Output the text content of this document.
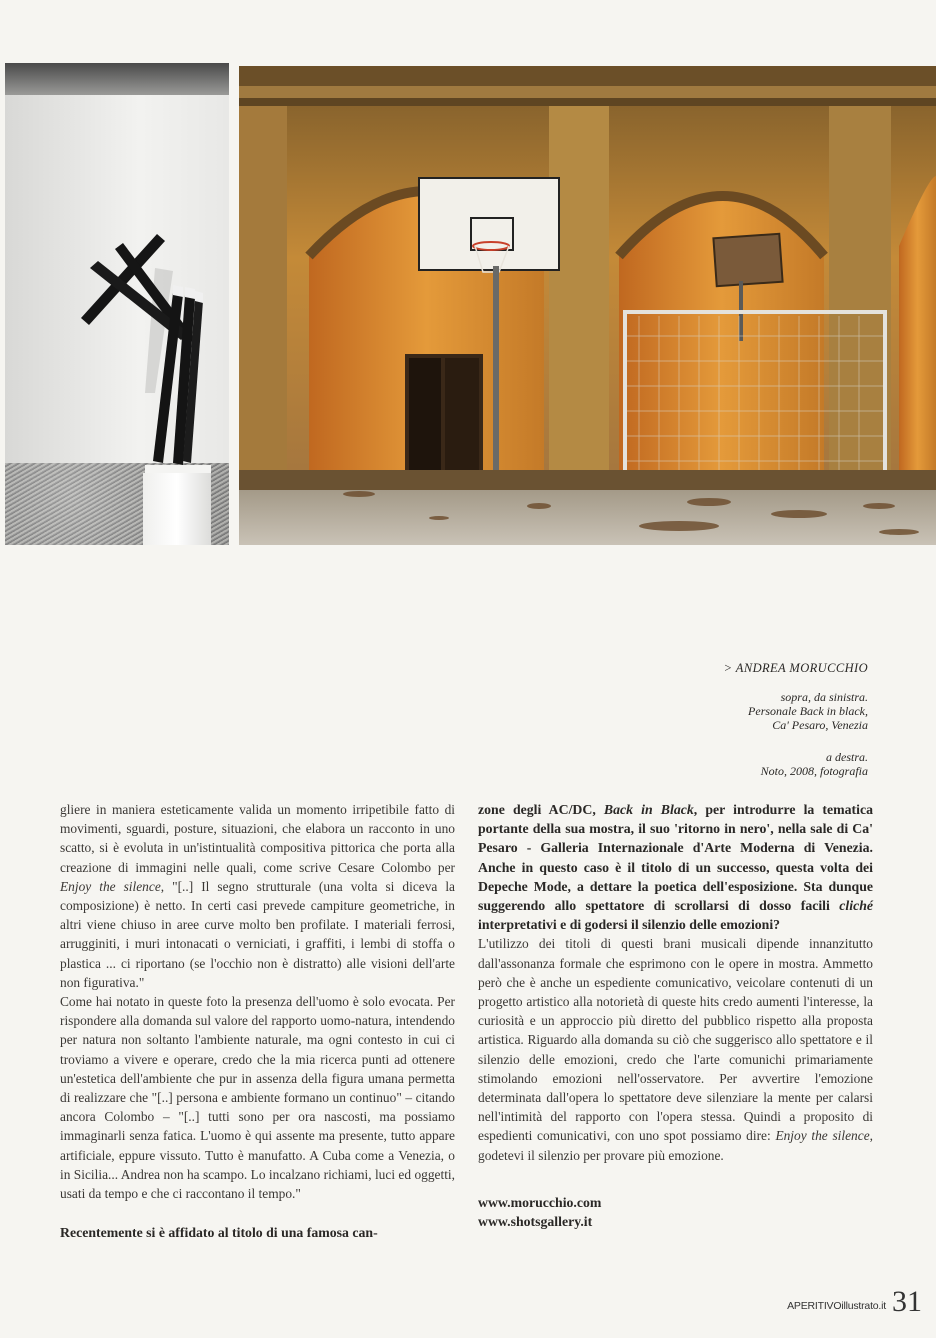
> ANDREA MORUCCHIO
sopra, da sinistra.
Personale Back in black,
Ca' Pesaro, Venezia
a destra.
Noto, 2008, fotografia

gliere in maniera esteticamente valida un momento irripetibile fatto di movimenti, sguardi, posture, situazioni, che elabora un racconto in uno scatto, si è evoluta in un'istintualità compositiva pittorica che porta alla creazione di immagini nelle quali, come scrive Cesare Colombo per Enjoy the silence, "[..] Il segno strutturale (una volta si diceva la composizione) è netto. In certi casi prevede campiture geometriche, in altri viene chiuso in aree curve molto ben profilate. I materiali ferrosi, arrugginiti, i muri intonacati o verniciati, i graffiti, i lembi di stoffa o plastica ... ci riportano (se l'occhio non è distratto) alle visioni dell'arte non figurativa."

Come hai notato in queste foto la presenza dell'uomo è solo evocata. Per rispondere alla domanda sul valore del rapporto uomo-natura, intendendo per natura non soltanto l'ambiente naturale, ma ogni contesto in cui ci troviamo a vivere e operare, credo che la mia ricerca punti ad ottenere un'estetica dell'ambiente che pur in assenza della figura umana permetta di realizzare che "[..] persona e ambiente formano un continuo" – citando ancora Colombo – "[..] tutti sono per ora nascosti, ma possiamo immaginarli senza fatica. L'uomo è qui assente ma presente, tutto appare artificiale, eppure vissuto. Tutto è manufatto. A Cuba come a Venezia, o in Sicilia... Andrea non ha scampo. Lo incalzano richiami, luci ed oggetti, usati da tempo e che ci raccontano il tempo."

Recentemente si è affidato al titolo di una famosa can-

zone degli AC/DC, Back in Black, per introdurre la tematica portante della sua mostra, il suo 'ritorno in nero', nella sale di Ca' Pesaro - Galleria Internazionale d'Arte Moderna di Venezia. Anche in questo caso è il titolo di un successo, questa volta dei Depeche Mode, a dettare la poetica dell'esposizione. Sta dunque suggerendo allo spettatore di scrollarsi di dosso facili cliché interpretativi e di godersi il silenzio delle emozioni?

L'utilizzo dei titoli di questi brani musicali dipende innanzitutto dall'assonanza formale che esprimono con le opere in mostra. Ammetto però che è anche un espediente comunicativo, veicolare contenuti di un progetto artistico alla notorietà di queste hits credo aumenti l'interesse, la curiosità e un approccio più diretto del pubblico rispetto alla proposta artistica. Riguardo alla domanda su ciò che suggerisco allo spettatore e il silenzio delle emozioni, credo che l'arte comunichi primariamente stimolando emozioni nell'osservatore. Per avvertire l'emozione determinata dall'opera lo spettatore deve silenziare la mente per calarsi nell'intimità del rapporto con l'opera stessa. Quindi a proposito di espedienti comunicativi, con uno spot possiamo dire: Enjoy the silence, godetevi il silenzio per provare più emozione.

www.morucchio.com
www.shotsgallery.it
APERITIVOillustrato.it 31
